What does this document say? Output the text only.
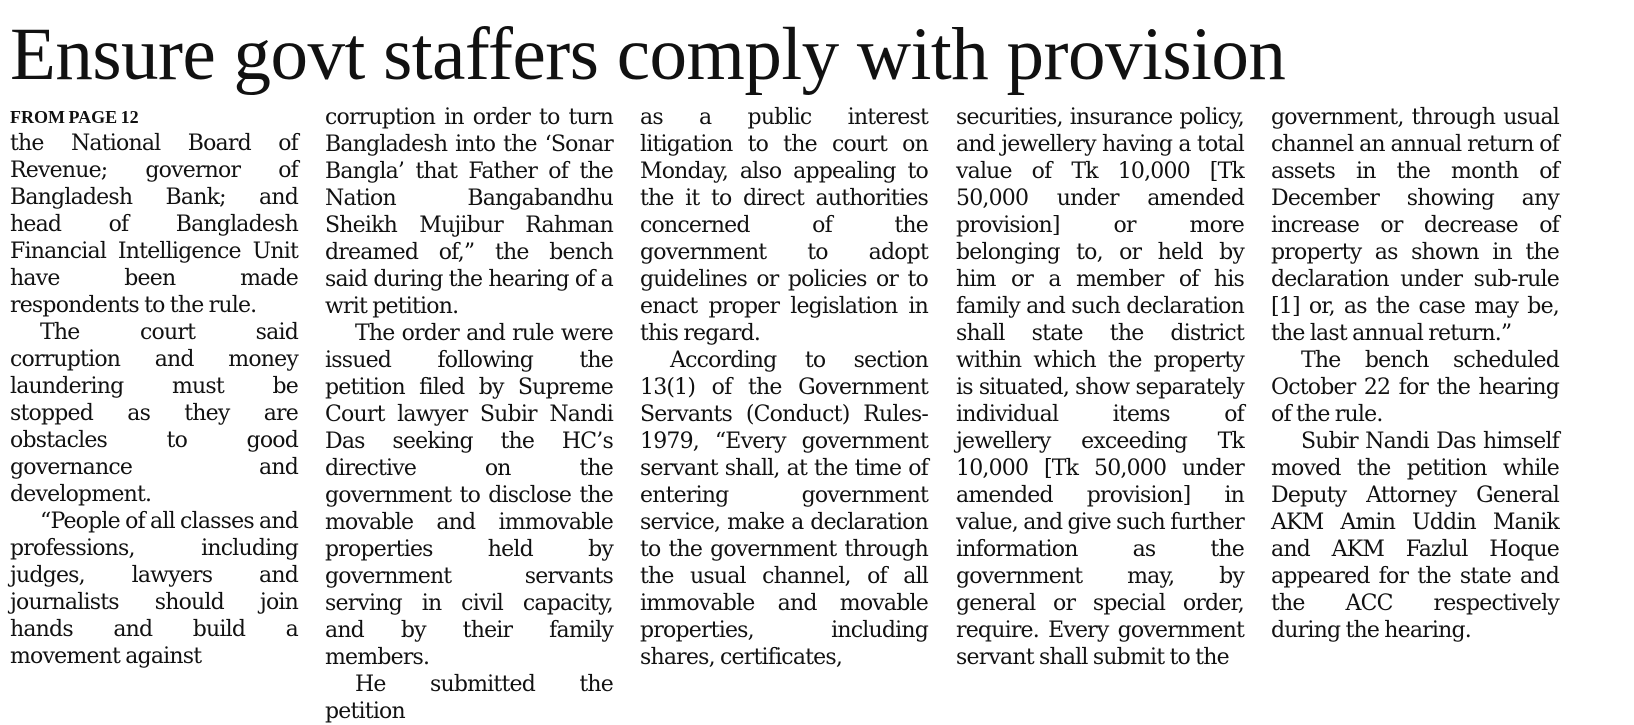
Ensure govt staffers comply with provision
FROM PAGE 12

the National Board of Revenue; governor of Bangladesh Bank; and head of Bangladesh Financial Intelligence Unit have been made respondents to the rule.

The court said corruption and money laundering must be stopped as they are obstacles to good governance and development.

“People of all classes and professions, including judges, lawyers and journalists should join hands and build a movement against

corruption in order to turn Bangladesh into the ‘Sonar Bangla’ that Father of the Nation Bangabandhu Sheikh Mujibur Rahman dreamed of,” the bench said during the hearing of a writ petition.

The order and rule were issued following the petition filed by Supreme Court lawyer Subir Nandi Das seeking the HC’s directive on the government to disclose the movable and immovable properties held by government servants serving in civil capacity, and by their family members.

He submitted the petition

as a public interest litigation to the court on Monday, also appealing to the it to direct authorities concerned of the government to adopt guidelines or policies or to enact proper legislation in this regard.

According to section 13(1) of the Government Servants (Conduct) Rules-1979, “Every government servant shall, at the time of entering government service, make a declaration to the government through the usual channel, of all immovable and movable properties, including shares, certificates,

securities, insurance policy, and jewellery having a total value of Tk 10,000 [Tk 50,000 under amended provision] or more belonging to, or held by him or a member of his family and such declaration shall state the district within which the property is situated, show separately individual items of jewellery exceeding Tk 10,000 [Tk 50,000 under amended provision] in value, and give such further information as the government may, by general or special order, require. Every government servant shall submit to the

government, through usual channel an annual return of assets in the month of December showing any increase or decrease of property as shown in the declaration under sub-rule [1] or, as the case may be, the last annual return.”

The bench scheduled October 22 for the hearing of the rule.

Subir Nandi Das himself moved the petition while Deputy Attorney General AKM Amin Uddin Manik and AKM Fazlul Hoque appeared for the state and the ACC respectively during the hearing.
